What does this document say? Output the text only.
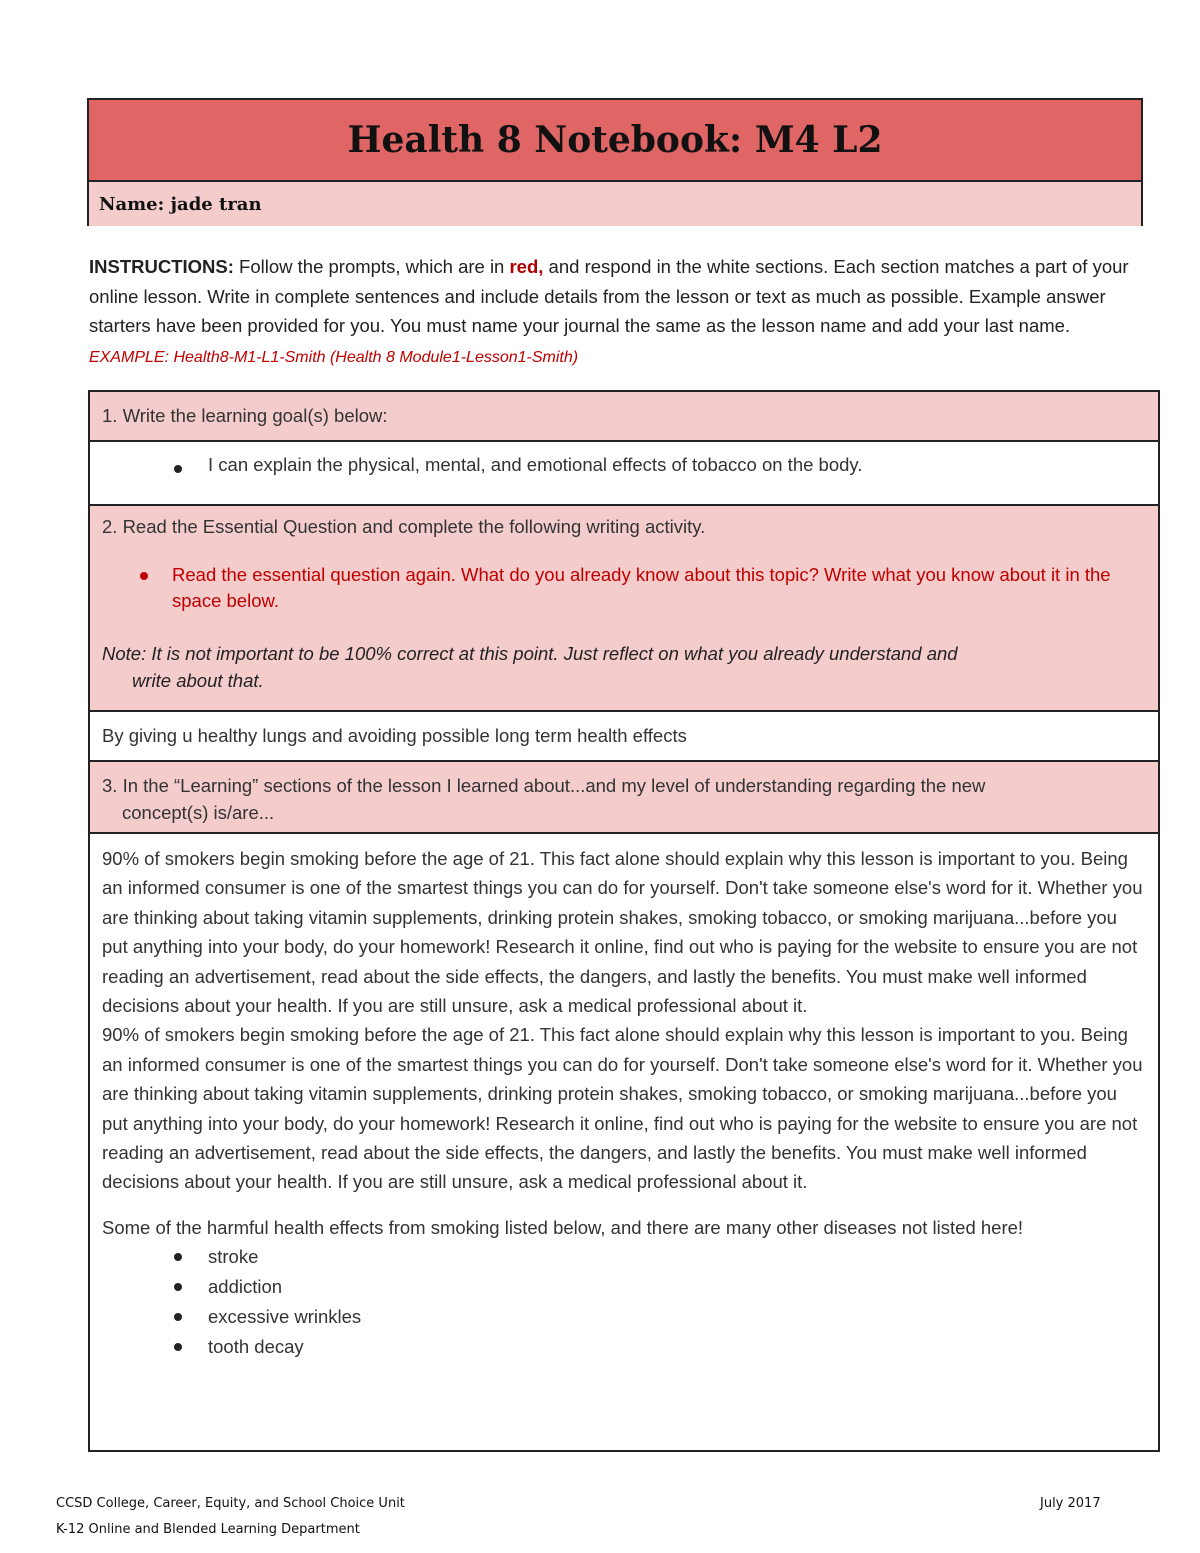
Health 8 Notebook: M4 L2
Name: jade tran
INSTRUCTIONS: Follow the prompts, which are in red, and respond in the white sections. Each section matches a part of your online lesson. Write in complete sentences and include details from the lesson or text as much as possible. Example answer starters have been provided for you. You must name your journal the same as the lesson name and add your last name. EXAMPLE: Health8-M1-L1-Smith (Health 8 Module1-Lesson1-Smith)
1. Write the learning goal(s) below:
I can explain the physical, mental, and emotional effects of tobacco on the body.
2. Read the Essential Question and complete the following writing activity.
Read the essential question again. What do you already know about this topic? Write what you know about it in the space below.
Note: It is not important to be 100% correct at this point. Just reflect on what you already understand and
write about that.
By giving u healthy lungs and avoiding possible long term health effects
3. In the “Learning” sections of the lesson I learned about...and my level of understanding regarding the new
concept(s) is/are...

90% of smokers begin smoking before the age of 21. This fact alone should explain why this lesson is important to you. Being an informed consumer is one of the smartest things you can do for yourself. Don't take someone else's word for it. Whether you are thinking about taking vitamin supplements, drinking protein shakes, smoking tobacco, or smoking marijuana...before you put anything into your body, do your homework! Research it online, find out who is paying for the website to ensure you are not reading an advertisement, read about the side effects, the dangers, and lastly the benefits. You must make well informed decisions about your health. If you are still unsure, ask a medical professional about it.

90% of smokers begin smoking before the age of 21. This fact alone should explain why this lesson is important to you. Being an informed consumer is one of the smartest things you can do for yourself. Don't take someone else's word for it. Whether you are thinking about taking vitamin supplements, drinking protein shakes, smoking tobacco, or smoking marijuana...before you put anything into your body, do your homework! Research it online, find out who is paying for the website to ensure you are not reading an advertisement, read about the side effects, the dangers, and lastly the benefits. You must make well informed decisions about your health. If you are still unsure, ask a medical professional about it.

Some of the harmful health effects from smoking listed below, and there are many other diseases not listed here!

stroke
addiction
excessive wrinkles
tooth decay
CCSD College, Career, Equity, and School Choice Unit
K-12 Online and Blended Learning Department
July 2017
